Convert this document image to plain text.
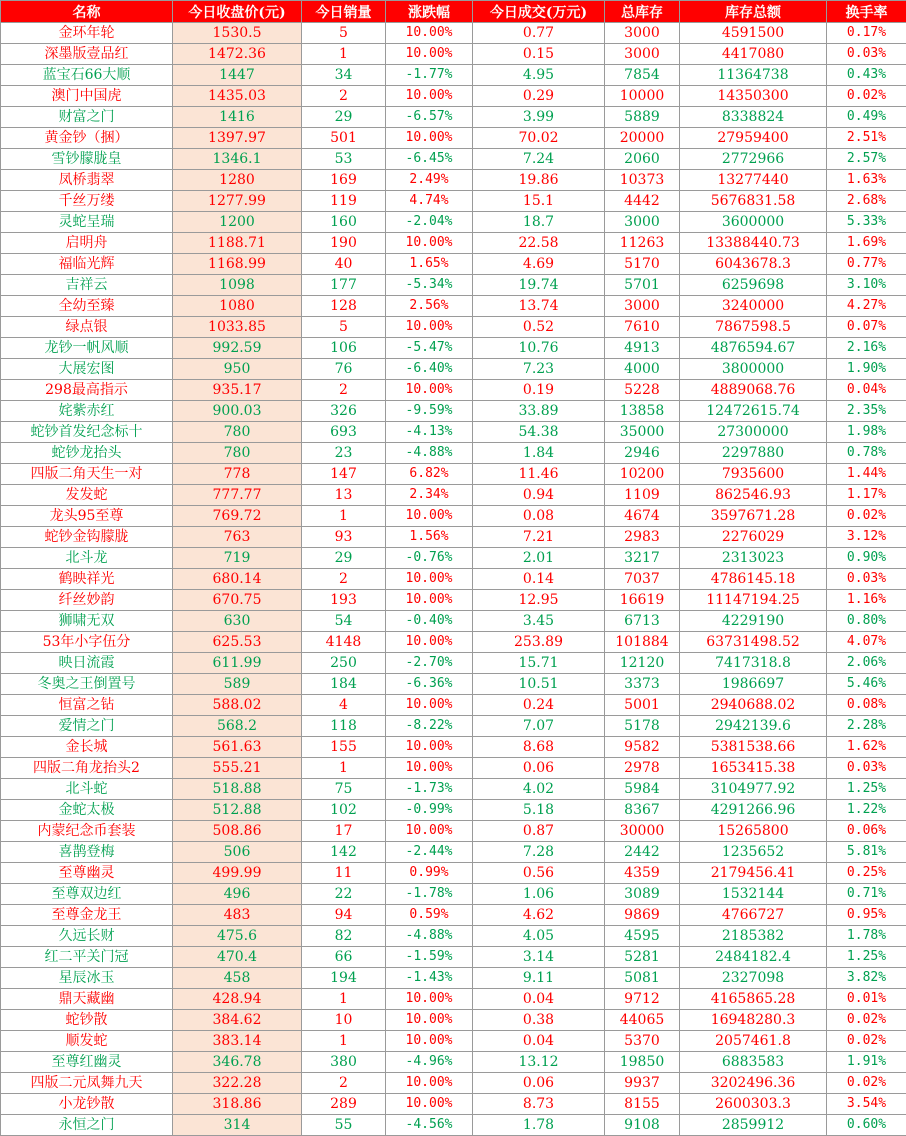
名称	今日收盘价(元)	今日销量	涨跌幅	今日成交(万元)	总库存	库存总额	换手率
金环年轮	1530.5	5	10.00%	0.77	3000	4591500	0.17%
深墨版壹品红	1472.36	1	10.00%	0.15	3000	4417080	0.03%
蓝宝石66大顺	1447	34	-1.77%	4.95	7854	11364738	0.43%
澳门中国虎	1435.03	2	10.00%	0.29	10000	14350300	0.02%
财富之门	1416	29	-6.57%	3.99	5889	8338824	0.49%
黄金钞（捆）	1397.97	501	10.00%	70.02	20000	27959400	2.51%
雪钞朦胧皇	1346.1	53	-6.45%	7.24	2060	2772966	2.57%
凤桥翡翠	1280	169	2.49%	19.86	10373	13277440	1.63%
千丝万缕	1277.99	119	4.74%	15.1	4442	5676831.58	2.68%
灵蛇呈瑞	1200	160	-2.04%	18.7	3000	3600000	5.33%
启明舟	1188.71	190	10.00%	22.58	11263	13388440.73	1.69%
福临光辉	1168.99	40	1.65%	4.69	5170	6043678.3	0.77%
吉祥云	1098	177	-5.34%	19.74	5701	6259698	3.10%
全幼至臻	1080	128	2.56%	13.74	3000	3240000	4.27%
绿点银	1033.85	5	10.00%	0.52	7610	7867598.5	0.07%
龙钞一帆风顺	992.59	106	-5.47%	10.76	4913	4876594.67	2.16%
大展宏图	950	76	-6.40%	7.23	4000	3800000	1.90%
298最高指示	935.17	2	10.00%	0.19	5228	4889068.76	0.04%
姹紫赤红	900.03	326	-9.59%	33.89	13858	12472615.74	2.35%
蛇钞首发纪念标十	780	693	-4.13%	54.38	35000	27300000	1.98%
蛇钞龙抬头	780	23	-4.88%	1.84	2946	2297880	0.78%
四版二角天生一对	778	147	6.82%	11.46	10200	7935600	1.44%
发发蛇	777.77	13	2.34%	0.94	1109	862546.93	1.17%
龙头95至尊	769.72	1	10.00%	0.08	4674	3597671.28	0.02%
蛇钞金钩朦胧	763	93	1.56%	7.21	2983	2276029	3.12%
北斗龙	719	29	-0.76%	2.01	3217	2313023	0.90%
鹤映祥光	680.14	2	10.00%	0.14	7037	4786145.18	0.03%
纤丝妙韵	670.75	193	10.00%	12.95	16619	11147194.25	1.16%
狮啸无双	630	54	-0.40%	3.45	6713	4229190	0.80%
53年小字伍分	625.53	4148	10.00%	253.89	101884	63731498.52	4.07%
映日流霞	611.99	250	-2.70%	15.71	12120	7417318.8	2.06%
冬奥之王倒置号	589	184	-6.36%	10.51	3373	1986697	5.46%
恒富之钻	588.02	4	10.00%	0.24	5001	2940688.02	0.08%
爱情之门	568.2	118	-8.22%	7.07	5178	2942139.6	2.28%
金长城	561.63	155	10.00%	8.68	9582	5381538.66	1.62%
四版二角龙抬头2	555.21	1	10.00%	0.06	2978	1653415.38	0.03%
北斗蛇	518.88	75	-1.73%	4.02	5984	3104977.92	1.25%
金蛇太极	512.88	102	-0.99%	5.18	8367	4291266.96	1.22%
内蒙纪念币套装	508.86	17	10.00%	0.87	30000	15265800	0.06%
喜鹊登梅	506	142	-2.44%	7.28	2442	1235652	5.81%
至尊幽灵	499.99	11	0.99%	0.56	4359	2179456.41	0.25%
至尊双边红	496	22	-1.78%	1.06	3089	1532144	0.71%
至尊金龙王	483	94	0.59%	4.62	9869	4766727	0.95%
久远长财	475.6	82	-4.88%	4.05	4595	2185382	1.78%
红二平关门冠	470.4	66	-1.59%	3.14	5281	2484182.4	1.25%
星辰冰玉	458	194	-1.43%	9.11	5081	2327098	3.82%
鼎天藏幽	428.94	1	10.00%	0.04	9712	4165865.28	0.01%
蛇钞散	384.62	10	10.00%	0.38	44065	16948280.3	0.02%
顺发蛇	383.14	1	10.00%	0.04	5370	2057461.8	0.02%
至尊红幽灵	346.78	380	-4.96%	13.12	19850	6883583	1.91%
四版二元凤舞九天	322.28	2	10.00%	0.06	9937	3202496.36	0.02%
小龙钞散	318.86	289	10.00%	8.73	8155	2600303.3	3.54%
永恒之门	314	55	-4.56%	1.78	9108	2859912	0.60%
